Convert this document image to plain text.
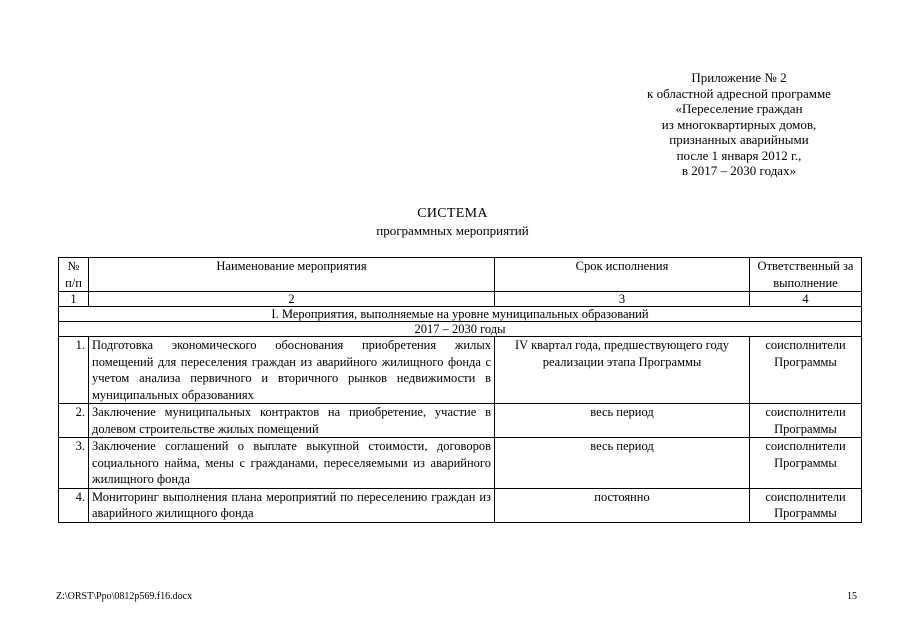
Приложение № 2
к областной адресной программе
«Переселение граждан
из многоквартирных домов,
признанных аварийными
после 1 января 2012 г.,
в 2017 – 2030 годах»
СИСТЕМА
программных мероприятий
№ п/п	Наименование мероприятия	Срок исполнения	Ответственный за выполнение
1	2	3	4
I. Мероприятия, выполняемые на уровне муниципальных образований			
2017 – 2030 годы			
1.	Подготовка экономического обоснования приобретения жилых помещений для переселения граждан из аварийного жилищного фонда с учетом анализа первичного и вторичного рынков недвижимости в муниципальных образованиях	IV квартал года, предшествующего году реализации этапа Программы	соисполнители Программы
2.	Заключение муниципальных контрактов на приобретение, участие в долевом строительстве жилых помещений	весь период	соисполнители Программы
3.	Заключение соглашений о выплате выкупной стоимости, договоров социального найма, мены с гражданами, переселяемыми из аварийного жилищного фонда	весь период	соисполнители Программы
4.	Мониторинг выполнения плана мероприятий по переселению граждан из аварийного жилищного фонда	постоянно	соисполнители Программы
Z:\ORST\Ppo\0812p569.f16.docx	15
